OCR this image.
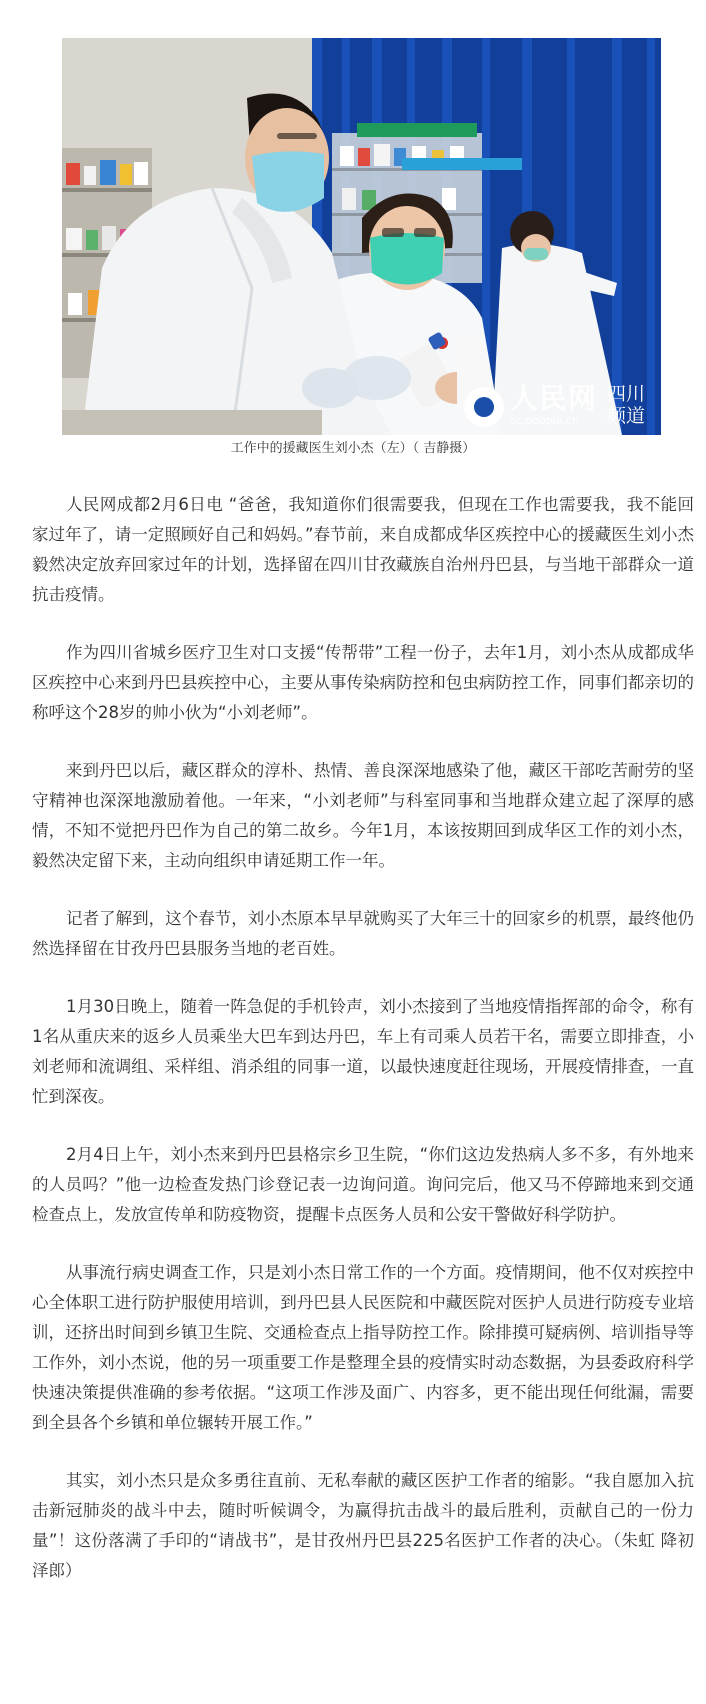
人民网
sc.people.cn
四川频道
工作中的援藏医生刘小杰（左）（ 吉静摄）

人民网成都2月6日电 “爸爸，我知道你们很需要我，但现在工作也需要我，我不能回家过年了，请一定照顾好自己和妈妈。”春节前，来自成都成华区疾控中心的援藏医生刘小杰毅然决定放弃回家过年的计划，选择留在四川甘孜藏族自治州丹巴县，与当地干部群众一道抗击疫情。

作为四川省城乡医疗卫生对口支援“传帮带”工程一份子，去年1月，刘小杰从成都成华区疾控中心来到丹巴县疾控中心，主要从事传染病防控和包虫病防控工作，同事们都亲切的称呼这个28岁的帅小伙为“小刘老师”。

来到丹巴以后，藏区群众的淳朴、热情、善良深深地感染了他，藏区干部吃苦耐劳的坚守精神也深深地激励着他。一年来，“小刘老师”与科室同事和当地群众建立起了深厚的感情，不知不觉把丹巴作为自己的第二故乡。今年1月，本该按期回到成华区工作的刘小杰，毅然决定留下来，主动向组织申请延期工作一年。

记者了解到，这个春节，刘小杰原本早早就购买了大年三十的回家乡的机票，最终他仍然选择留在甘孜丹巴县服务当地的老百姓。

1月30日晚上，随着一阵急促的手机铃声，刘小杰接到了当地疫情指挥部的命令，称有1名从重庆来的返乡人员乘坐大巴车到达丹巴，车上有司乘人员若干名，需要立即排查，小刘老师和流调组、采样组、消杀组的同事一道，以最快速度赶往现场，开展疫情排查，一直忙到深夜。

2月4日上午，刘小杰来到丹巴县格宗乡卫生院，“你们这边发热病人多不多，有外地来的人员吗？”他一边检查发热门诊登记表一边询问道。询问完后，他又马不停蹄地来到交通检查点上，发放宣传单和防疫物资，提醒卡点医务人员和公安干警做好科学防护。

从事流行病史调查工作，只是刘小杰日常工作的一个方面。疫情期间，他不仅对疾控中心全体职工进行防护服使用培训，到丹巴县人民医院和中藏医院对医护人员进行防疫专业培训，还挤出时间到乡镇卫生院、交通检查点上指导防控工作。除排摸可疑病例、培训指导等工作外，刘小杰说，他的另一项重要工作是整理全县的疫情实时动态数据，为县委政府科学快速决策提供准确的参考依据。“这项工作涉及面广、内容多，更不能出现任何纰漏，需要到全县各个乡镇和单位辗转开展工作。”

其实，刘小杰只是众多勇往直前、无私奉献的藏区医护工作者的缩影。“我自愿加入抗击新冠肺炎的战斗中去，随时听候调令，为赢得抗击战斗的最后胜利，贡献自己的一份力量”！这份落满了手印的“请战书”，是甘孜州丹巴县225名医护工作者的决心。（朱虹 降初泽郎）
